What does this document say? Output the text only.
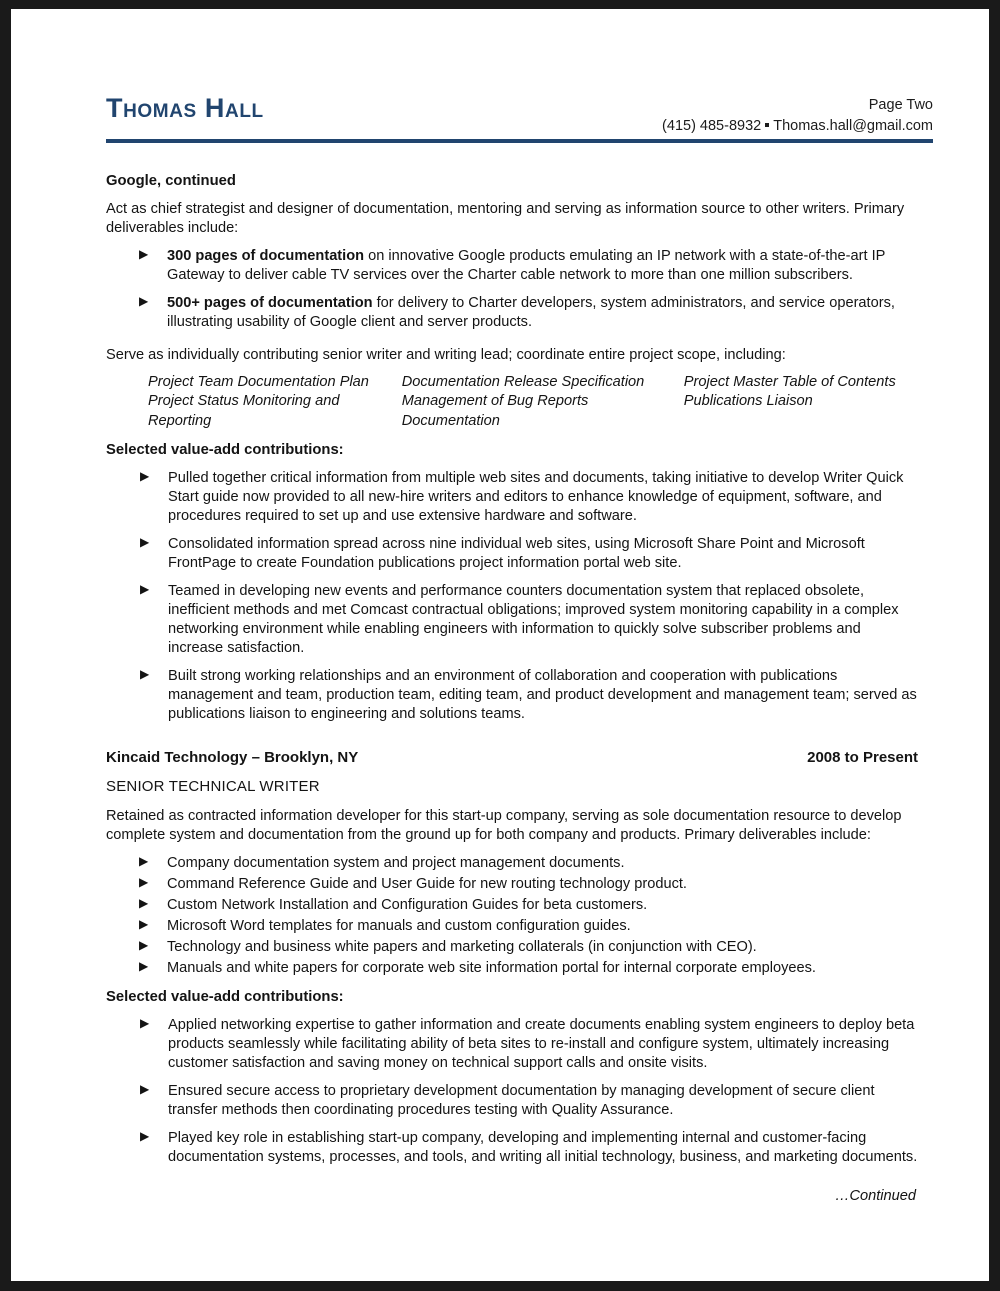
Thomas Hall	Page Two
(415) 485-8932 Thomas.hall@gmail.com
Google, continued

Act as chief strategist and designer of documentation, mentoring and serving as information source to other writers. Primary deliverables include:

▶ 300 pages of documentation on innovative Google products emulating an IP network with a state-of-the-art IP Gateway to deliver cable TV services over the Charter cable network to more than one million subscribers.
▶ 500+ pages of documentation for delivery to Charter developers, system administrators, and service operators, illustrating usability of Google client and server products.

Serve as individually contributing senior writer and writing lead; coordinate entire project scope, including:

Project Team Documentation Plan
Project Status Monitoring and Reporting
Documentation Release Specification
Management of Bug Reports Documentation
Project Master Table of Contents
Publications Liaison
Selected value-add contributions:
▶ Pulled together critical information from multiple web sites and documents, taking initiative to develop Writer Quick Start guide now provided to all new-hire writers and editors to enhance knowledge of equipment, software, and procedures required to set up and use extensive hardware and software.
▶ Consolidated information spread across nine individual web sites, using Microsoft Share Point and Microsoft FrontPage to create Foundation publications project information portal web site.
▶ Teamed in developing new events and performance counters documentation system that replaced obsolete, inefficient methods and met Comcast contractual obligations; improved system monitoring capability in a complex networking environment while enabling engineers with information to quickly solve subscriber problems and increase satisfaction.
▶ Built strong working relationships and an environment of collaboration and cooperation with publications management and team, production team, editing team, and product development and management team; served as publications liaison to engineering and solutions teams.
Kincaid Technology – Brooklyn, NY	2008 to Present
SENIOR TECHNICAL WRITER

Retained as contracted information developer for this start-up company, serving as sole documentation resource to develop complete system and documentation from the ground up for both company and products. Primary deliverables include:

▶ Company documentation system and project management documents.
▶ Command Reference Guide and User Guide for new routing technology product.
▶ Custom Network Installation and Configuration Guides for beta customers.
▶ Microsoft Word templates for manuals and custom configuration guides.
▶ Technology and business white papers and marketing collaterals (in conjunction with CEO).
▶ Manuals and white papers for corporate web site information portal for internal corporate employees.
Selected value-add contributions:
▶ Applied networking expertise to gather information and create documents enabling system engineers to deploy beta products seamlessly while facilitating ability of beta sites to re-install and configure system, ultimately increasing customer satisfaction and saving money on technical support calls and onsite visits.
▶ Ensured secure access to proprietary development documentation by managing development of secure client transfer methods then coordinating procedures testing with Quality Assurance.
▶ Played key role in establishing start-up company, developing and implementing internal and customer-facing documentation systems, processes, and tools, and writing all initial technology, business, and marketing documents.
…Continued
